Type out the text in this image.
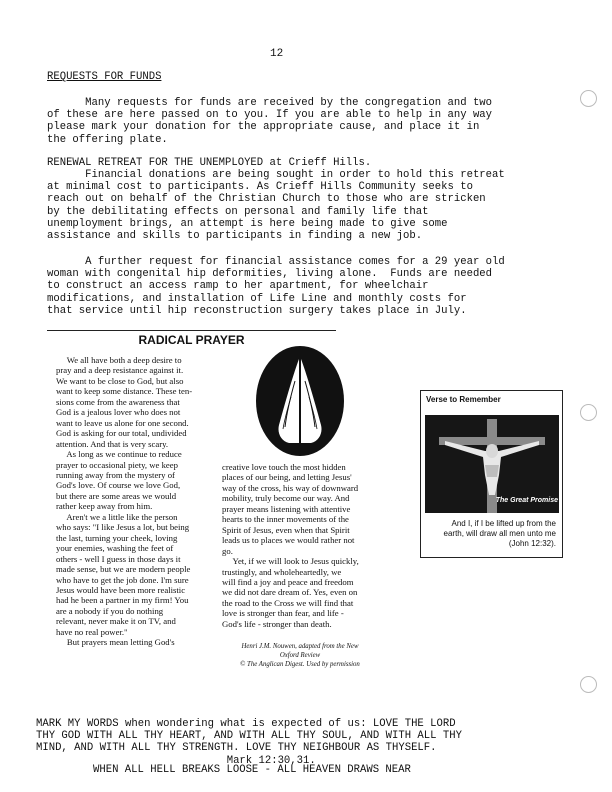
12
REQUESTS FOR FUNDS
Many requests for funds are received by the congregation and two
of these are here passed on to you. If you are able to help in any way
please mark your donation for the appropriate cause, and place it in
the offering plate.
RENEWAL RETREAT FOR THE UNEMPLOYED at Crieff Hills.
Financial donations are being sought in order to hold this retreat
at minimal cost to participants. As Crieff Hills Community seeks to
reach out on behalf of the Christian Church to those who are stricken
by the debilitating effects on personal and family life that
unemployment brings, an attempt is here being made to give some
assistance and skills to participants in finding a new job.
A further request for financial assistance comes for a 29 year old
woman with congenital hip deformities, living alone.  Funds are needed
to construct an access ramp to her apartment, for wheelchair
modifications, and installation of Life Line and monthly costs for
that service until hip reconstruction surgery takes place in July.
RADICAL PRAYER
We all have both a deep desire to
pray and a deep resistance against it.
We want to be close to God, but also
want to keep some distance. These ten-
sions come from the awareness that
God is a jealous lover who does not
want to leave us alone for one second.
God is asking for our total, undivided
attention. And that is very scary.
As long as we continue to reduce
prayer to occasional piety, we keep
running away from the mystery of
God's love. Of course we love God,
but there are some areas we would
rather keep away from him.
Aren't we a little like the person
who says: "I like Jesus a lot, but being
the last, turning your cheek, loving
your enemies, washing the feet of
others - well I guess in those days it
made sense, but we are modern people
who have to get the job done. I'm sure
Jesus would have been more realistic
had he been a partner in my firm! You
are a nobody if you do nothing
relevant, never make it on TV, and
have no real power."
But prayers mean letting God's
creative love touch the most hidden
places of our being, and letting Jesus'
way of the cross, his way of downward
mobility, truly become our way. And
prayer means listening with attentive
hearts to the inner movements of the
Spirit of Jesus, even when that Spirit
leads us to places we would rather not
go.
Yet, if we will look to Jesus quickly,
trustingly, and wholeheartedly, we
will find a joy and peace and freedom
we did not dare dream of. Yes, even on
the road to the Cross we will find that
love is stronger than fear, and life -
God's life - stronger than death.
Henri J.M. Nouwen, adapted from the New
Oxford Review
© The Anglican Digest. Used by permission
Verse to Remember
The Great Promise
And I, if I be lifted up from the
earth, will draw all men unto me
(John 12:32).
MARK MY WORDS when wondering what is expected of us: LOVE THE LORD
THY GOD WITH ALL THY HEART, AND WITH ALL THY SOUL, AND WITH ALL THY
MIND, AND WITH ALL THY STRENGTH. LOVE THY NEIGHBOUR AS THYSELF.
Mark 12:30,31.
WHEN ALL HELL BREAKS LOOSE - ALL HEAVEN DRAWS NEAR
